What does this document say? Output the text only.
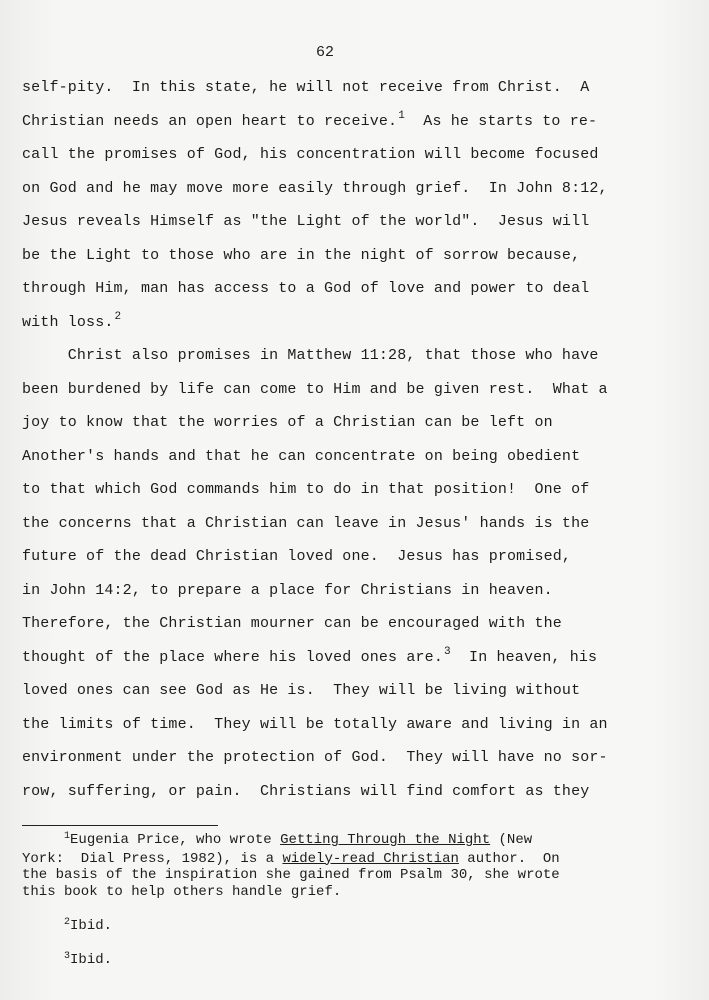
62
self-pity.  In this state, he will not receive from Christ.  A
Christian needs an open heart to receive.$^1$  As he starts to re-
call the promises of God, his concentration will become focused
on God and he may move more easily through grief.  In John 8:12,
Jesus reveals Himself as "the Light of the world".  Jesus will
be the Light to those who are in the night of sorrow because,
through Him, man has access to a God of love and power to deal
with loss.$^2$
Christ also promises in Matthew 11:28, that those who have
been burdened by life can come to Him and be given rest.  What a
joy to know that the worries of a Christian can be left on
Another's hands and that he can concentrate on being obedient
to that which God commands him to do in that position!  One of
the concerns that a Christian can leave in Jesus' hands is the
future of the dead Christian loved one.  Jesus has promised,
in John 14:2, to prepare a place for Christians in heaven.
Therefore, the Christian mourner can be encouraged with the
thought of the place where his loved ones are.$^3$  In heaven, his
loved ones can see God as He is.  They will be living without
the limits of time.  They will be totally aware and living in an
environment under the protection of God.  They will have no sor-
row, suffering, or pain.  Christians will find comfort as they
$^1$Eugenia Price, who wrote Getting Through the Night (New
York:  Dial Press, 1982), is a widely-read Christian author.  On
the basis of the inspiration she gained from Psalm 30, she wrote
this book to help others handle grief.
$^2$Ibid.
$^3$Ibid.
